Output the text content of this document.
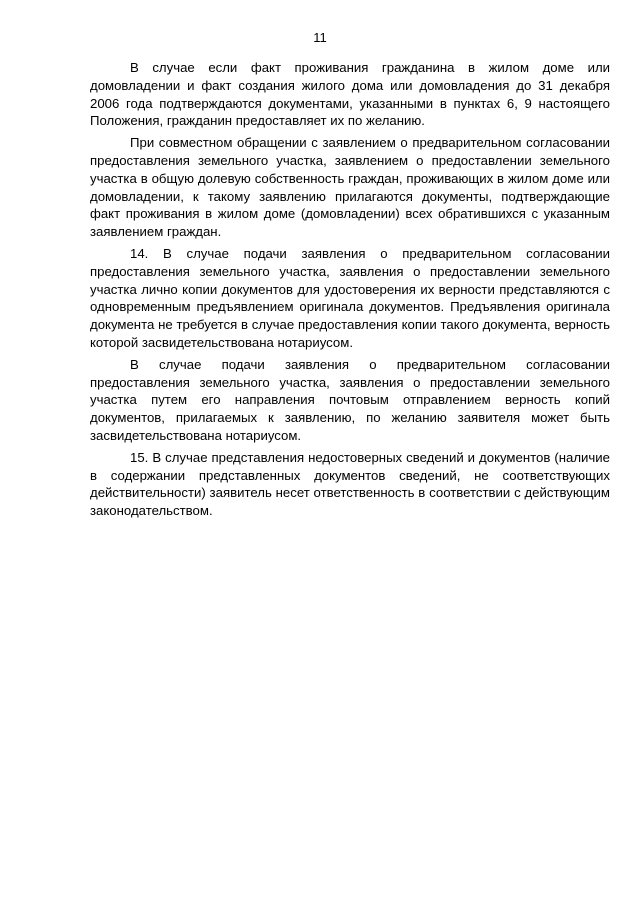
11

В случае если факт проживания гражданина в жилом доме или домовладении и факт создания жилого дома или домовладения до 31 декабря 2006 года подтверждаются документами, указанными в пунктах 6, 9 настоящего Положения, гражданин предоставляет их по желанию.

При совместном обращении с заявлением о предварительном согласовании предоставления земельного участка, заявлением о предоставлении земельного участка в общую долевую собственность граждан, проживающих в жилом доме или домовладении, к такому заявлению прилагаются документы, подтверждающие факт проживания в жилом доме (домовладении) всех обратившихся с указанным заявлением граждан.

14. В случае подачи заявления о предварительном согласовании предоставления земельного участка, заявления о предоставлении земельного участка лично копии документов для удостоверения их верности представляются с одновременным предъявлением оригинала документов. Предъявления оригинала документа не требуется в случае предоставления копии такого документа, верность которой засвидетельствована нотариусом.

В случае подачи заявления о предварительном согласовании предоставления земельного участка, заявления о предоставлении земельного участка путем его направления почтовым отправлением верность копий документов, прилагаемых к заявлению, по желанию заявителя может быть засвидетельствована нотариусом.

15. В случае представления недостоверных сведений и документов (наличие в содержании представленных документов сведений, не соответствующих действительности) заявитель несет ответственность в соответствии с действующим законодательством.
